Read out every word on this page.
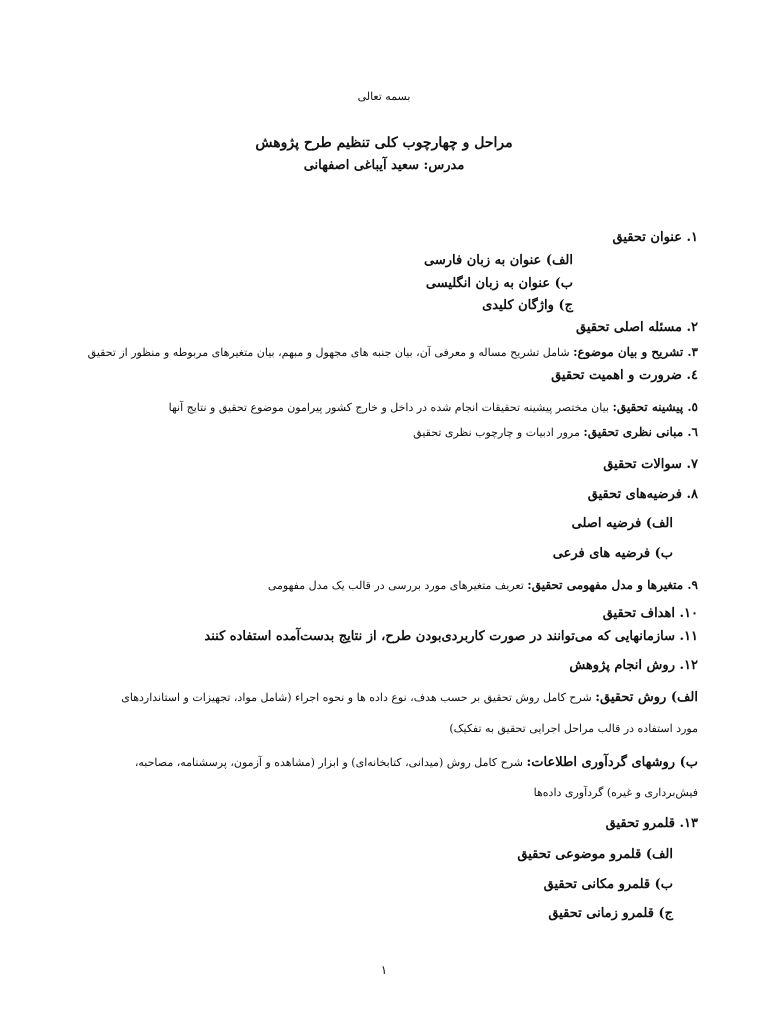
بسمه تعالی
مراحل و چهارچوب کلی تنظیم طرح پژوهش
مدرس: سعید آیباغی اصفهانی
۱. عنوان تحقیق
الف) عنوان به زبان فارسی
ب) عنوان به زبان انگلیسی
ج) واژگان کلیدی
۲. مسئله اصلی تحقیق
۳. تشریح و بیان موضوع: شامل تشریح مساله و معرفی آن، بیان جنبه های مجهول و مبهم، بیان متغیرهای مربوطه و منظور از تحقیق
٤. ضرورت و اهمیت تحقیق
٥. پیشینه تحقیق: بیان مختصر پیشینه تحقیقات انجام شده در داخل و خارج کشور پیرامون موضوع تحقیق و نتایج آنها
٦. مبانی نظری تحقیق: مرور ادبیات و چارچوب نظری تحقیق
۷. سوالات تحقیق
۸. فرضیه‌های تحقیق
الف) فرضیه اصلی
ب) فرضیه های فرعی
۹. متغیرها و مدل مفهومی تحقیق: تعریف متغیرهای مورد بررسی در قالب یک مدل مفهومی
۱۰. اهداف تحقیق
۱۱. سازمانهایی که می‌توانند در صورت کاربردی‌بودن طرح، از نتایج بدست‌آمده استفاده کنند
۱۲. روش انجام پژوهش
الف) روش تحقیق: شرح کامل روش تحقیق بر حسب هدف، نوع داده ها و نحوه اجراء (شامل مواد، تجهیزات و استانداردهای
مورد استفاده در قالب مراحل اجرایی تحقیق به تفکیک)
ب) روشهای گردآوری اطلاعات: شرح کامل روش (میدانی، کتابخانه‌ای) و ابزار (مشاهده و آزمون، پرسشنامه، مصاحبه،
فیش‌برداری و غیره) گردآوری داده‌ها
۱۳. قلمرو تحقیق
الف) قلمرو موضوعی تحقیق
ب) قلمرو مکانی تحقیق
ج) قلمرو زمانی تحقیق
۱
